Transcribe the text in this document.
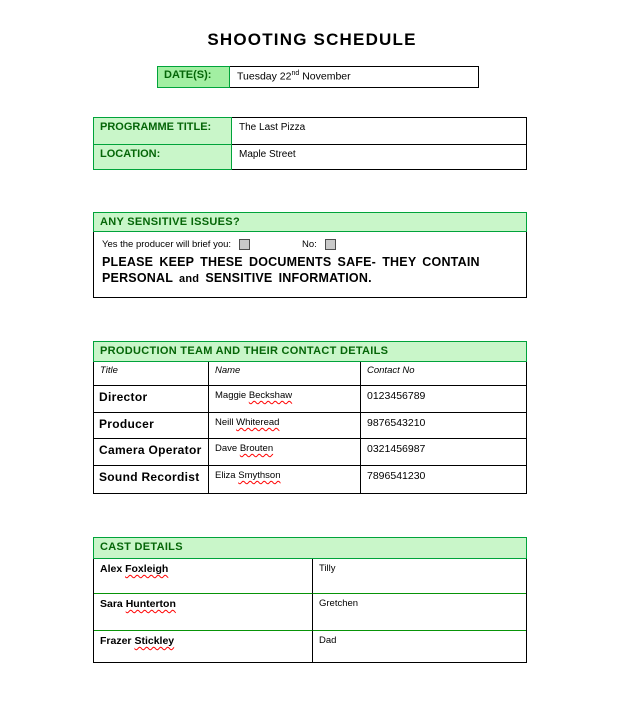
SHOOTING SCHEDULE
DATE(S):	Tuesday 22nd November
PROGRAMME TITLE:	The Last Pizza
LOCATION:	Maple Street
ANY SENSITIVE ISSUES?
Yes the producer will brief you:	No:
PLEASE KEEP THESE DOCUMENTS SAFE- THEY CONTAIN
PERSONAL and SENSITIVE INFORMATION.
PRODUCTION TEAM AND THEIR CONTACT DETAILS
Title	Name	Contact No
Director	Maggie Beckshaw	0123456789
Producer	Neill Whiteread	9876543210
Camera Operator	Dave Brouten	0321456987
Sound Recordist	Eliza Smythson	7896541230
CAST DETAILS
Alex Foxleigh	Tilly
Sara Hunterton	Gretchen
Frazer Stickley	Dad
